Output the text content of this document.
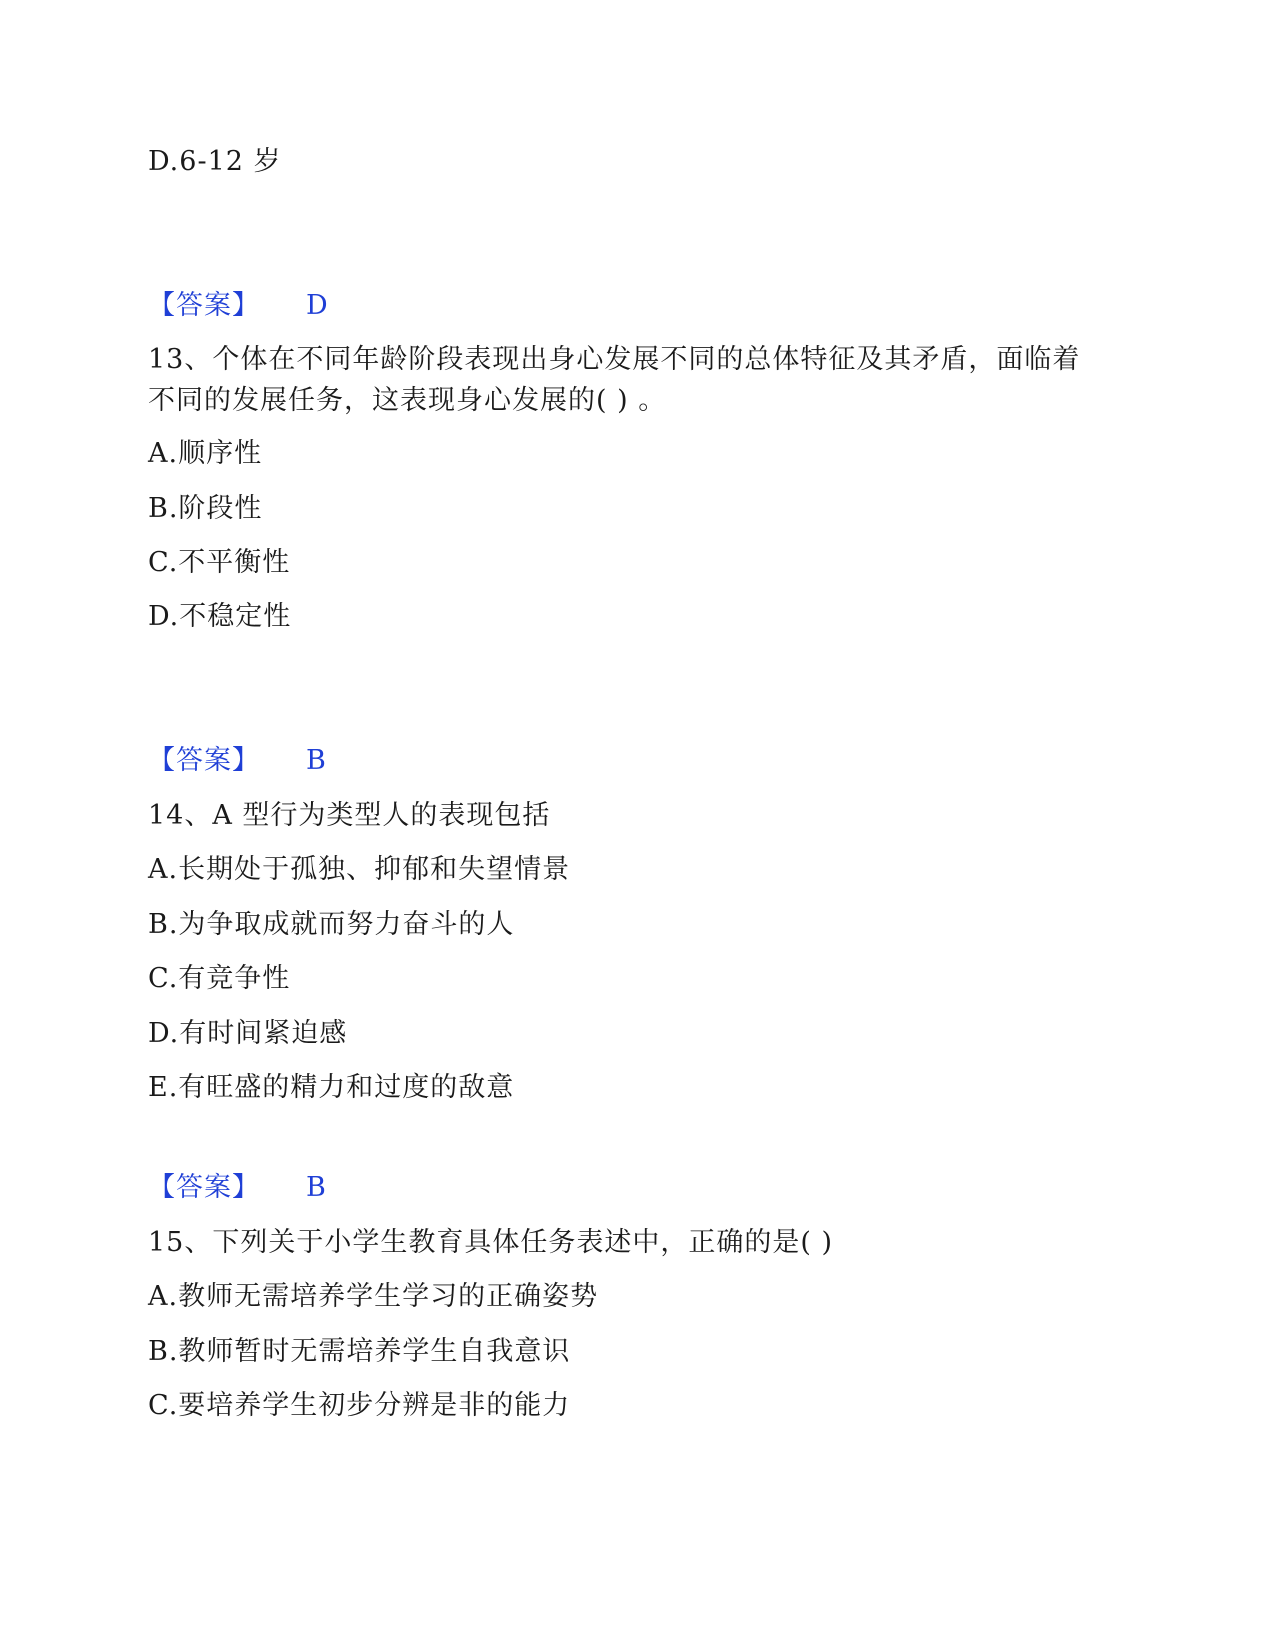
D.6-12 岁
【答案】 D
13、个体在不同年龄阶段表现出身心发展不同的总体特征及其矛盾，面临着
不同的发展任务，这表现身心发展的( ) 。
A.顺序性
B.阶段性
C.不平衡性
D.不稳定性
【答案】 B
14、A 型行为类型人的表现包括
A.长期处于孤独、抑郁和失望情景
B.为争取成就而努力奋斗的人
C.有竞争性
D.有时间紧迫感
E.有旺盛的精力和过度的敌意
【答案】 B
15、下列关于小学生教育具体任务表述中，正确的是( )
A.教师无需培养学生学习的正确姿势
B.教师暂时无需培养学生自我意识
C.要培养学生初步分辨是非的能力
